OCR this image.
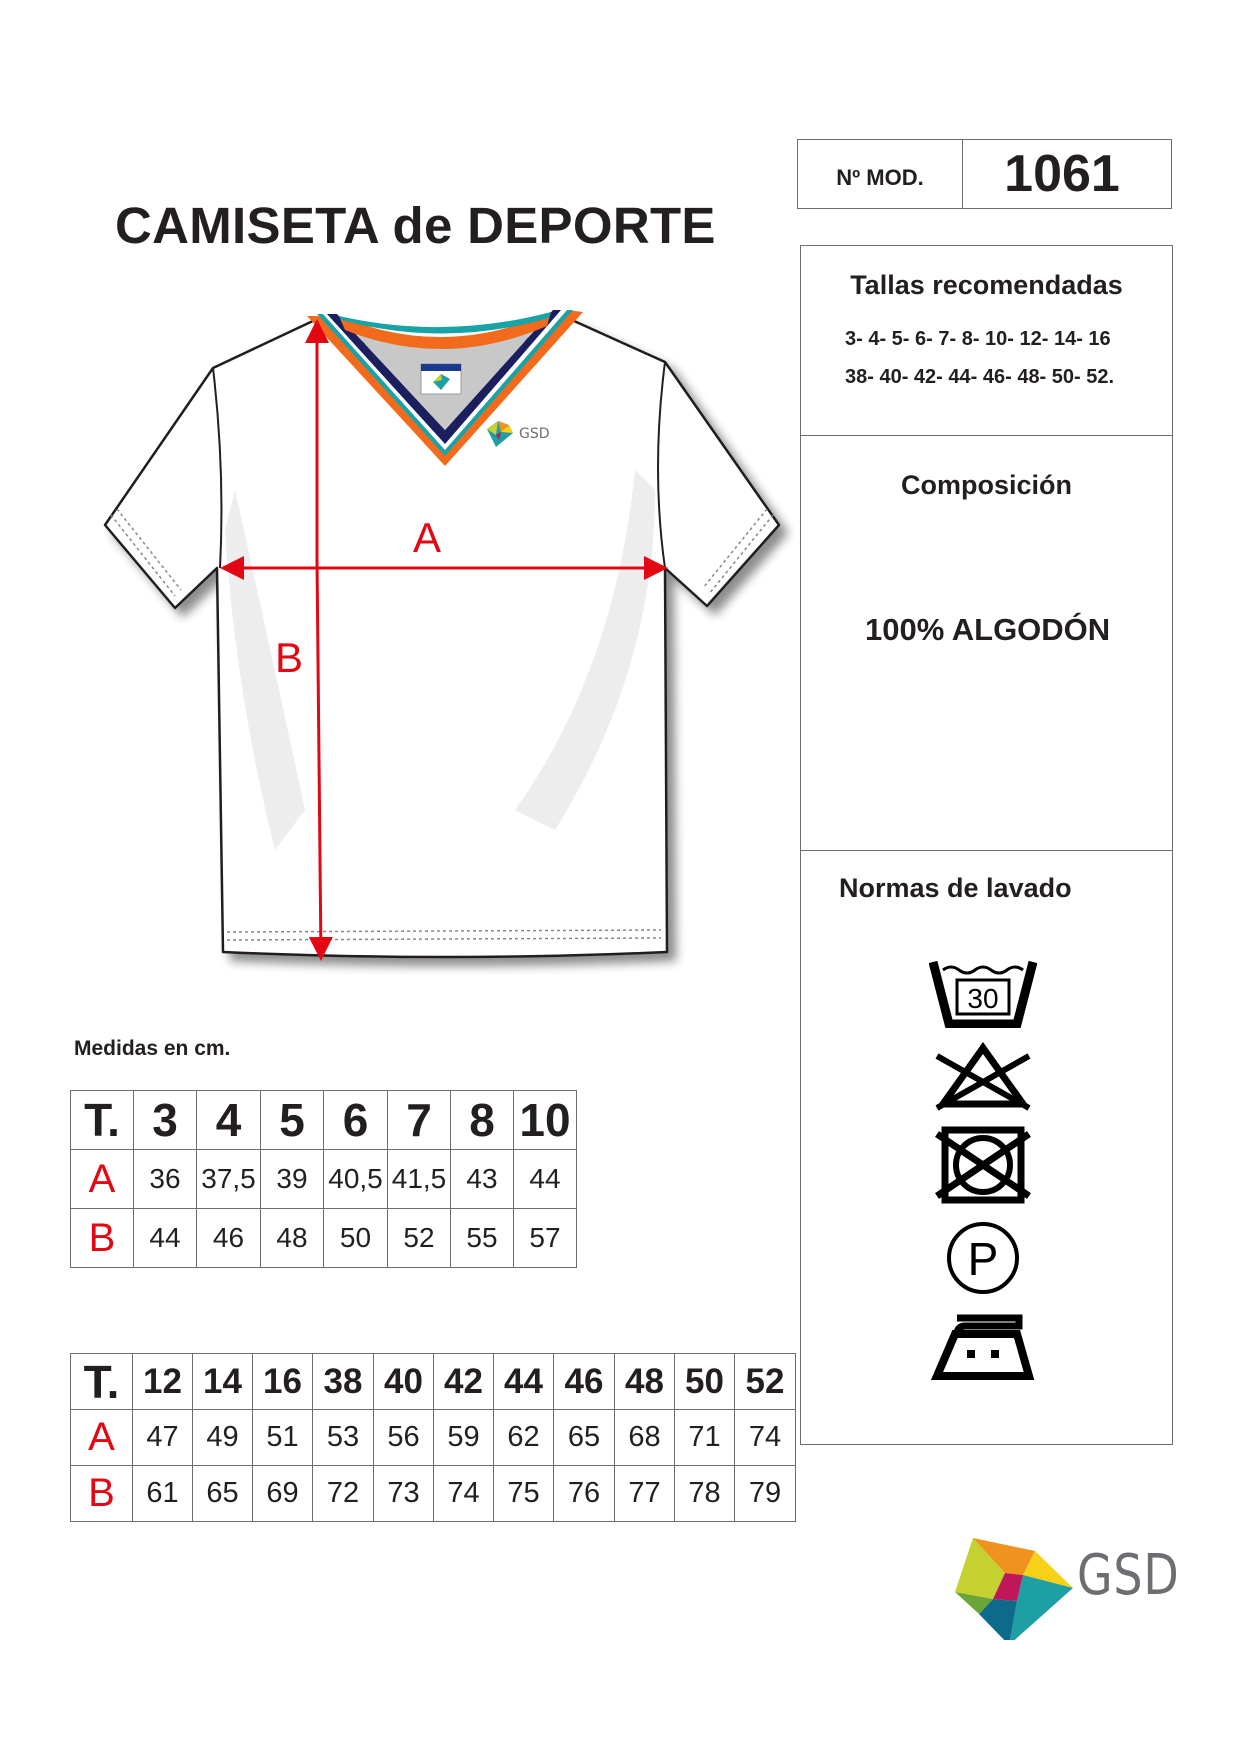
CAMISETA de DEPORTE
Nº MOD.	1061
Tallas recomendadas
3- 4- 5- 6- 7- 8- 10- 12- 14- 16
38- 40- 42- 44- 46- 48- 50- 52.
Composición
100% ALGODÓN
Normas de lavado
30
P
GSD
A
B
Medidas en cm.
T.	3	4	5	6	7	8	10
A	36	37,5	39	40,5	41,5	43	44
B	44	46	48	50	52	55	57
T.	12	14	16	38	40	42	44	46	48	50	52
A	47	49	51	53	56	59	62	65	68	71	74
B	61	65	69	72	73	74	75	76	77	78	79
GSD
